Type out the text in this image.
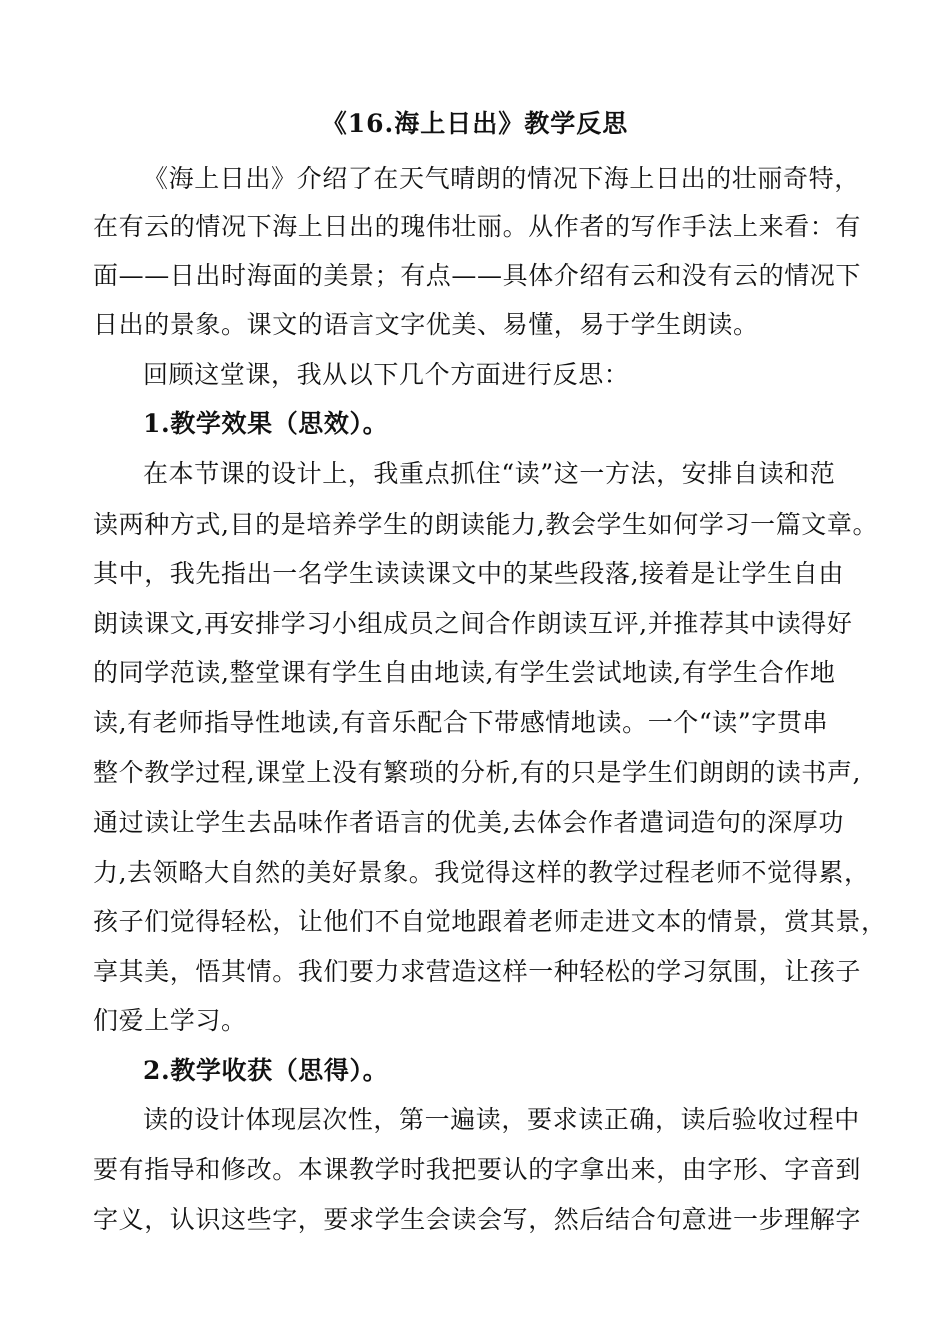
《16.海上日出》教学反思
《海上日出》介绍了在天气晴朗的情况下海上日出的壮丽奇特，
在有云的情况下海上日出的瑰伟壮丽。从作者的写作手法上来看：有
面——日出时海面的美景；有点——具体介绍有云和没有云的情况下
日出的景象。课文的语言文字优美、易懂，易于学生朗读。
回顾这堂课，我从以下几个方面进行反思：
1.教学效果（思效）。
在本节课的设计上，我重点抓住“读”这一方法，安排自读和范
读两种方式,目的是培养学生的朗读能力,教会学生如何学习一篇文章。
其中，我先指出一名学生读读课文中的某些段落,接着是让学生自由
朗读课文,再安排学习小组成员之间合作朗读互评,并推荐其中读得好
的同学范读,整堂课有学生自由地读,有学生尝试地读,有学生合作地
读,有老师指导性地读,有音乐配合下带感情地读。一个“读”字贯串
整个教学过程,课堂上没有繁琐的分析,有的只是学生们朗朗的读书声,
通过读让学生去品味作者语言的优美,去体会作者遣词造句的深厚功
力,去领略大自然的美好景象。我觉得这样的教学过程老师不觉得累，
孩子们觉得轻松，让他们不自觉地跟着老师走进文本的情景，赏其景，
享其美，悟其情。我们要力求营造这样一种轻松的学习氛围，让孩子
们爱上学习。
2.教学收获（思得）。
读的设计体现层次性，第一遍读，要求读正确，读后验收过程中
要有指导和修改。本课教学时我把要认的字拿出来，由字形、字音到
字义，认识这些字，要求学生会读会写，然后结合句意进一步理解字
